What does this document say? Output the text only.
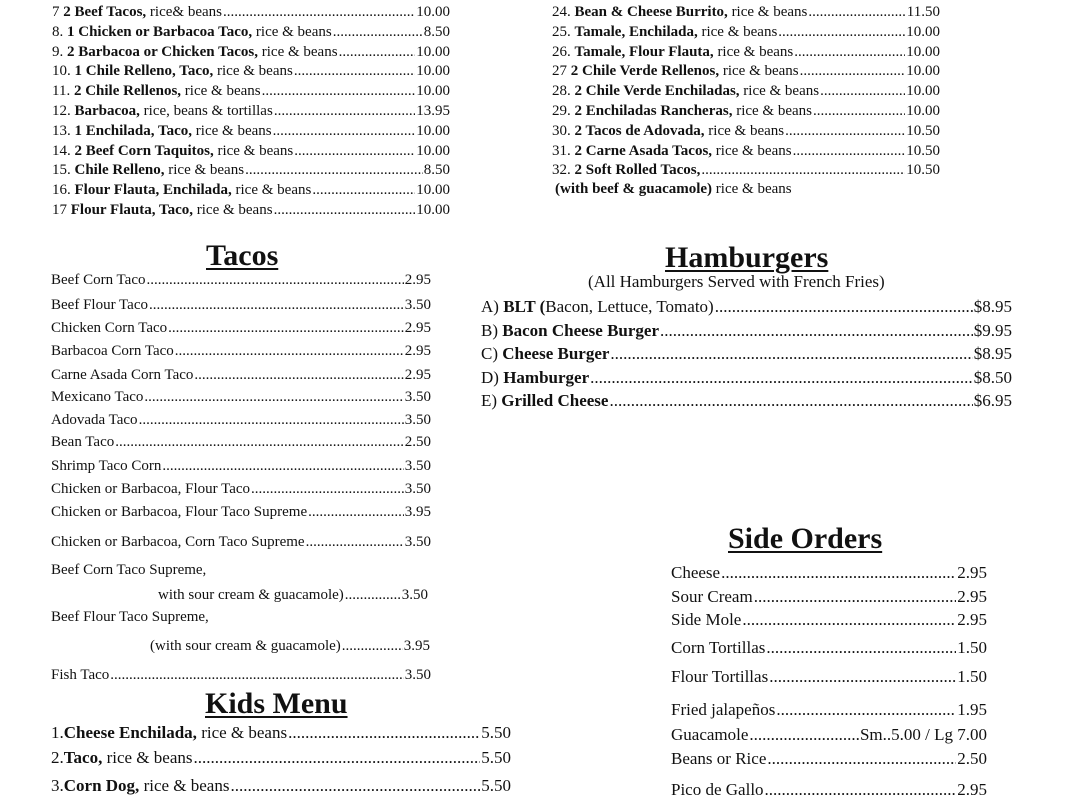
7 2 Beef Tacos, rice& beans .....	10.00
8. 1 Chicken or Barbacoa Taco, rice & beans .....	8.50
9. 2 Barbacoa or Chicken Tacos, rice & beans .....	10.00
10. 1 Chile Relleno, Taco, rice & beans .....	10.00
11. 2 Chile Rellenos, rice & beans .....	10.00
12. Barbacoa, rice, beans & tortillas .....	13.95
13. 1 Enchilada, Taco, rice & beans .....	10.00
14. 2 Beef Corn Taquitos, rice & beans .....	10.00
15. Chile Relleno, rice & beans .....	8.50
16. Flour Flauta, Enchilada, rice & beans .....	10.00
17 Flour Flauta, Taco, rice & beans .....	10.00
24. Bean & Cheese Burrito, rice & beans .....	11.50
25. Tamale, Enchilada, rice & beans .....	10.00
26. Tamale, Flour Flauta, rice & beans .....	10.00
27 2 Chile Verde Rellenos, rice & beans .....	10.00
28. 2 Chile Verde Enchiladas, rice & beans .....	10.00
29. 2 Enchiladas Rancheras, rice & beans .....	10.00
30. 2 Tacos de Adovada, rice & beans .....	10.50
31. 2 Carne Asada Tacos, rice & beans .....	10.50
32. 2 Soft Rolled Tacos, .....	10.50
(with beef & guacamole) rice & beans
Tacos
Beef Corn Taco .....	2.95
Beef Flour Taco .....	3.50
Chicken Corn Taco .....	2.95
Barbacoa Corn Taco .....	2.95
Carne Asada Corn Taco .....	2.95
Mexicano Taco .....	3.50
Adovada Taco .....	3.50
Bean Taco .....	2.50
Shrimp Taco Corn .....	3.50
Chicken or Barbacoa, Flour Taco .....	3.50
Chicken or Barbacoa, Flour Taco Supreme .....	3.95
Chicken or Barbacoa, Corn Taco Supreme .....	3.50
Beef Corn Taco Supreme,
with sour cream & guacamole) .....	3.50
Beef Flour Taco Supreme,
(with sour cream & guacamole) .....	3.95
Fish Taco .....	3.50
Kids Menu
1.Cheese Enchilada, rice & beans .....	5.50
2.Taco, rice & beans .....	5.50
3.Corn Dog, rice & beans .....	5.50
Hamburgers
(All Hamburgers Served with French Fries)
A) BLT (Bacon, Lettuce, Tomato) .....	$8.95
B) Bacon Cheese Burger .....	$9.95
C) Cheese Burger .....	$8.95
D) Hamburger .....	$8.50
E) Grilled Cheese .....	$6.95
Side Orders
Cheese .....	2.95
Sour Cream .....	2.95
Side Mole .....	2.95
Corn Tortillas .....	1.50
Flour Tortillas .....	1.50
Fried jalapeños .....	1.95
Guacamole .....	Sm..5.00 / Lg 7.00
Beans or Rice .....	2.50
Pico de Gallo .....	2.95
